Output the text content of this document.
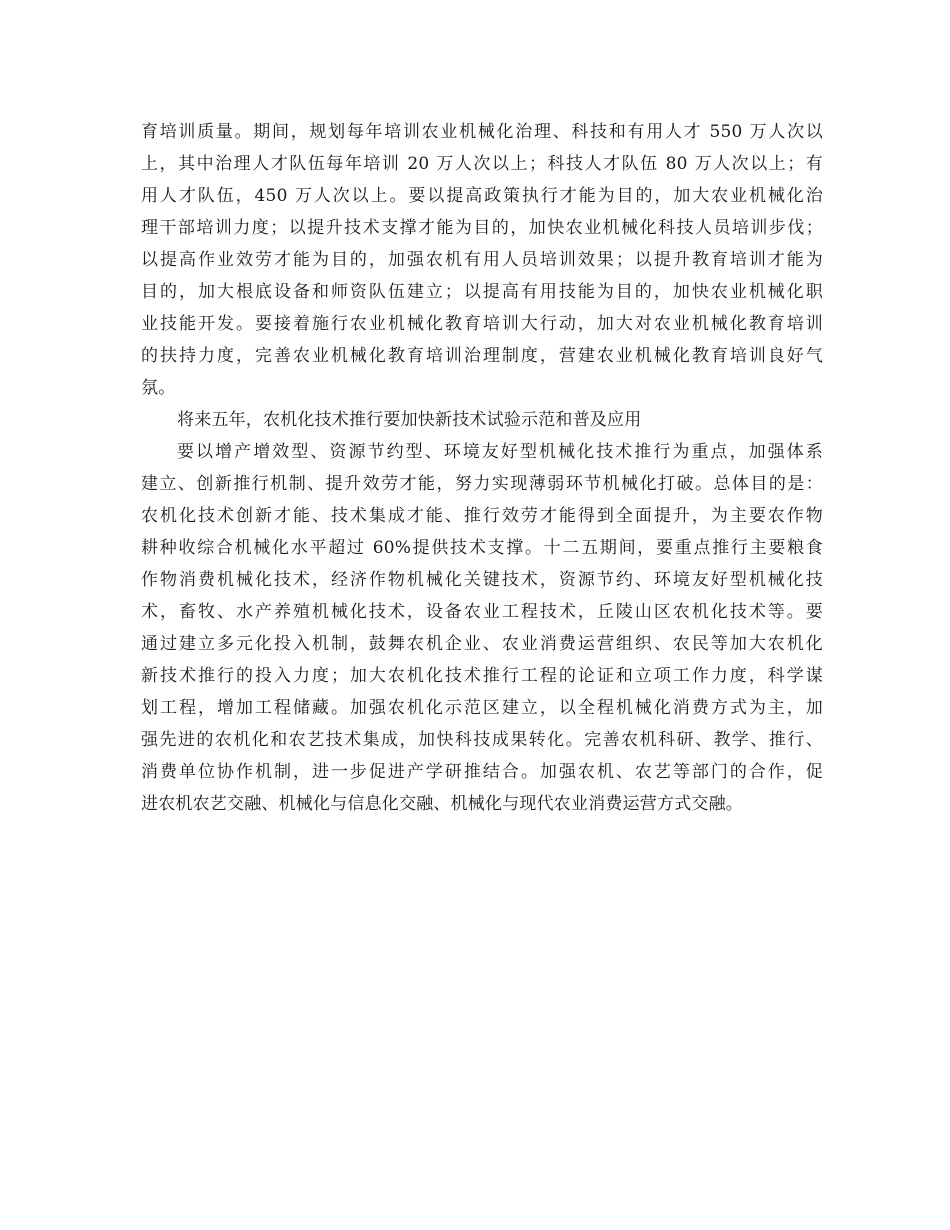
育培训质量。期间，规划每年培训农业机械化治理、科技和有用人才 550 万人次以
上，其中治理人才队伍每年培训 20 万人次以上；科技人才队伍 80 万人次以上；有
用人才队伍，450 万人次以上。要以提高政策执行才能为目的，加大农业机械化治
理干部培训力度；以提升技术支撑才能为目的，加快农业机械化科技人员培训步伐；
以提高作业效劳才能为目的，加强农机有用人员培训效果；以提升教育培训才能为
目的，加大根底设备和师资队伍建立；以提高有用技能为目的，加快农业机械化职
业技能开发。要接着施行农业机械化教育培训大行动，加大对农业机械化教育培训
的扶持力度，完善农业机械化教育培训治理制度，营建农业机械化教育培训良好气
氛。
将来五年，农机化技术推行要加快新技术试验示范和普及应用
要以增产增效型、资源节约型、环境友好型机械化技术推行为重点，加强体系
建立、创新推行机制、提升效劳才能，努力实现薄弱环节机械化打破。总体目的是：
农机化技术创新才能、技术集成才能、推行效劳才能得到全面提升，为主要农作物
耕种收综合机械化水平超过 60%提供技术支撑。十二五期间，要重点推行主要粮食
作物消费机械化技术，经济作物机械化关键技术，资源节约、环境友好型机械化技
术，畜牧、水产养殖机械化技术，设备农业工程技术，丘陵山区农机化技术等。要
通过建立多元化投入机制，鼓舞农机企业、农业消费运营组织、农民等加大农机化
新技术推行的投入力度；加大农机化技术推行工程的论证和立项工作力度，科学谋
划工程，增加工程储藏。加强农机化示范区建立，以全程机械化消费方式为主，加
强先进的农机化和农艺技术集成，加快科技成果转化。完善农机科研、教学、推行、
消费单位协作机制，进一步促进产学研推结合。加强农机、农艺等部门的合作，促
进农机农艺交融、机械化与信息化交融、机械化与现代农业消费运营方式交融。
